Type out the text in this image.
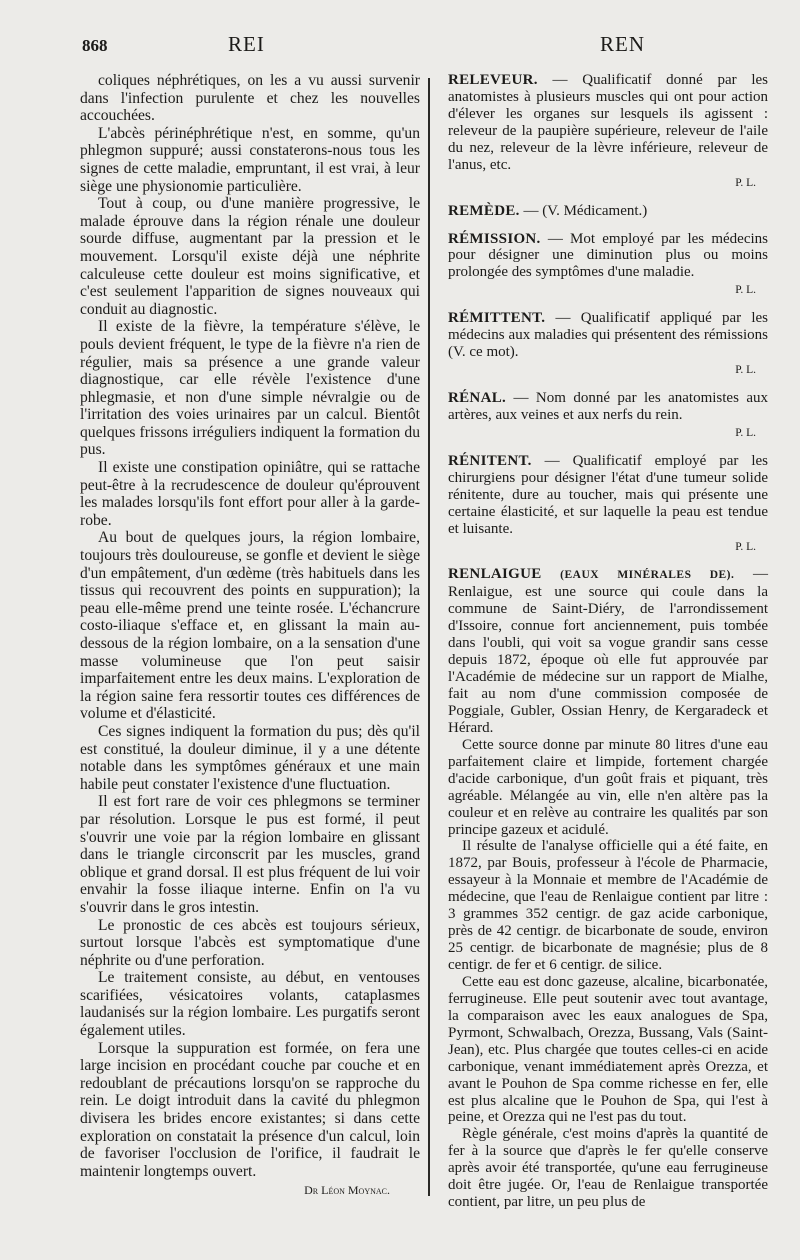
868	REI	REN

coliques néphrétiques, on les a vu aussi survenir dans l'infection purulente et chez les nouvelles accouchées.

L'abcès périnéphrétique n'est, en somme, qu'un phlegmon suppuré; aussi constaterons-nous tous les signes de cette maladie, empruntant, il est vrai, à leur siège une physionomie particulière.

Tout à coup, ou d'une manière progressive, le malade éprouve dans la région rénale une douleur sourde diffuse, augmentant par la pression et le mouvement. Lorsqu'il existe déjà une néphrite calculeuse cette douleur est moins significative, et c'est seulement l'apparition de signes nouveaux qui conduit au diagnostic.

Il existe de la fièvre, la température s'élève, le pouls devient fréquent, le type de la fièvre n'a rien de régulier, mais sa présence a une grande valeur diagnostique, car elle révèle l'existence d'une phlegmasie, et non d'une simple névralgie ou de l'irritation des voies urinaires par un calcul. Bientôt quelques frissons irréguliers indiquent la formation du pus.

Il existe une constipation opiniâtre, qui se rattache peut-être à la recrudescence de douleur qu'éprouvent les malades lorsqu'ils font effort pour aller à la garde-robe.

Au bout de quelques jours, la région lombaire, toujours très douloureuse, se gonfle et devient le siège d'un empâtement, d'un œdème (très habituels dans les tissus qui recouvrent des points en suppuration); la peau elle-même prend une teinte rosée. L'échancrure costo-iliaque s'efface et, en glissant la main au-dessous de la région lombaire, on a la sensation d'une masse volumineuse que l'on peut saisir imparfaitement entre les deux mains. L'exploration de la région saine fera ressortir toutes ces différences de volume et d'élasticité.

Ces signes indiquent la formation du pus; dès qu'il est constitué, la douleur diminue, il y a une détente notable dans les symptômes généraux et une main habile peut constater l'existence d'une fluctuation.

Il est fort rare de voir ces phlegmons se terminer par résolution. Lorsque le pus est formé, il peut s'ouvrir une voie par la région lombaire en glissant dans le triangle circonscrit par les muscles, grand oblique et grand dorsal. Il est plus fréquent de lui voir envahir la fosse iliaque interne. Enfin on l'a vu s'ouvrir dans le gros intestin.

Le pronostic de ces abcès est toujours sérieux, surtout lorsque l'abcès est symptomatique d'une néphrite ou d'une perforation.

Le traitement consiste, au début, en ventouses scarifiées, vésicatoires volants, cataplasmes laudanisés sur la région lombaire. Les purgatifs seront également utiles.

Lorsque la suppuration est formée, on fera une large incision en procédant couche par couche et en redoublant de précautions lorsqu'on se rapproche du rein. Le doigt introduit dans la cavité du phlegmon divisera les brides encore existantes; si dans cette exploration on constatait la présence d'un calcul, loin de favoriser l'occlusion de l'orifice, il faudrait le maintenir longtemps ouvert.

Dr Léon Moynac.

RELEVEUR. — Qualificatif donné par les anatomistes à plusieurs muscles qui ont pour action d'élever les organes sur lesquels ils agissent : releveur de la paupière supérieure, releveur de l'aile du nez, releveur de la lèvre inférieure, releveur de l'anus, etc.

P. L.

REMÈDE. — (V. Médicament.)

RÉMISSION. — Mot employé par les médecins pour désigner une diminution plus ou moins prolongée des symptômes d'une maladie.

P. L.

RÉMITTENT. — Qualificatif appliqué par les médecins aux maladies qui présentent des rémissions (V. ce mot).

P. L.

RÉNAL. — Nom donné par les anatomistes aux artères, aux veines et aux nerfs du rein.

P. L.

RÉNITENT. — Qualificatif employé par les chirurgiens pour désigner l'état d'une tumeur solide rénitente, dure au toucher, mais qui présente une certaine élasticité, et sur laquelle la peau est tendue et luisante.

P. L.

RENLAIGUE (EAUX MINÉRALES DE). — Renlaigue, est une source qui coule dans la commune de Saint-Diéry, de l'arrondissement d'Issoire, connue fort anciennement, puis tombée dans l'oubli, qui voit sa vogue grandir sans cesse depuis 1872, époque où elle fut approuvée par l'Académie de médecine sur un rapport de Mialhe, fait au nom d'une commission composée de Poggiale, Gubler, Ossian Henry, de Kergaradeck et Hérard.

Cette source donne par minute 80 litres d'une eau parfaitement claire et limpide, fortement chargée d'acide carbonique, d'un goût frais et piquant, très agréable. Mélangée au vin, elle n'en altère pas la couleur et en relève au contraire les qualités par son principe gazeux et acidulé.

Il résulte de l'analyse officielle qui a été faite, en 1872, par Bouis, professeur à l'école de Pharmacie, essayeur à la Monnaie et membre de l'Académie de médecine, que l'eau de Renlaigue contient par litre : 3 grammes 352 centigr. de gaz acide carbonique, près de 42 centigr. de bicarbonate de soude, environ 25 centigr. de bicarbonate de magnésie; plus de 8 centigr. de fer et 6 centigr. de silice.

Cette eau est donc gazeuse, alcaline, bicarbonatée, ferrugineuse. Elle peut soutenir avec tout avantage, la comparaison avec les eaux analogues de Spa, Pyrmont, Schwalbach, Orezza, Bussang, Vals (Saint-Jean), etc. Plus chargée que toutes celles-ci en acide carbonique, venant immédiatement après Orezza, et avant le Pouhon de Spa comme richesse en fer, elle est plus alcaline que le Pouhon de Spa, qui l'est à peine, et Orezza qui ne l'est pas du tout.

Règle générale, c'est moins d'après la quantité de fer à la source que d'après le fer qu'elle conserve après avoir été transportée, qu'une eau ferrugineuse doit être jugée. Or, l'eau de Renlaigue transportée contient, par litre, un peu plus de
